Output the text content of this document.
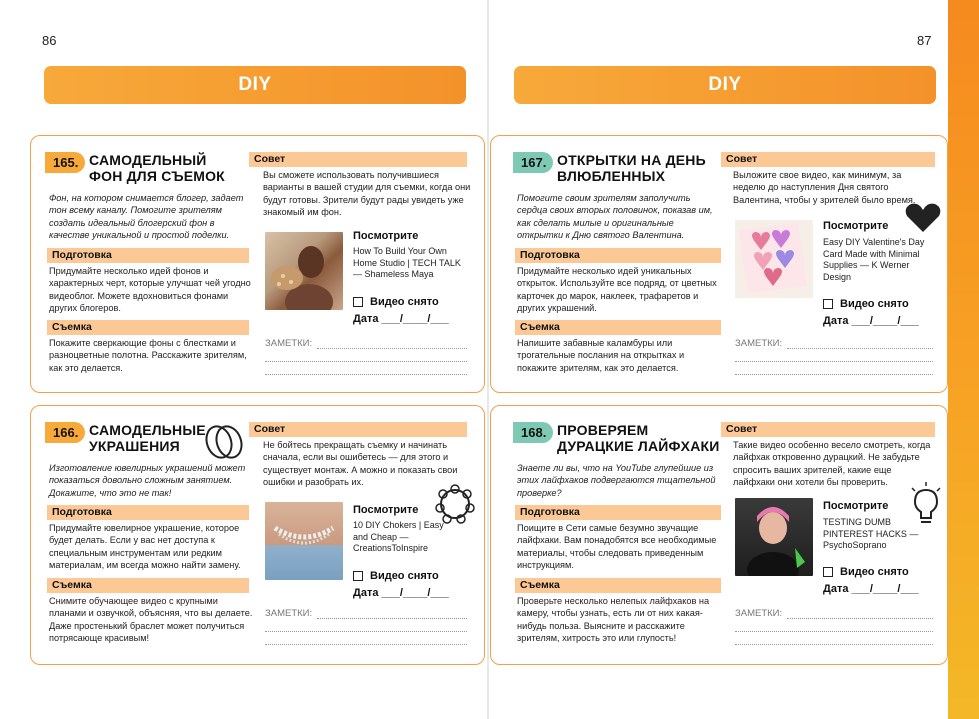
86
DIY
87
DIY
165. САМОДЕЛЬНЫЙ ФОН ДЛЯ СЪЕМОК
Фон, на котором снимается блогер, задает тон всему каналу. Помогите зрителям создать идеальный блогерский фон в качестве уникальной и простой поделки.
Подготовка
Придумайте несколько идей фонов и характерных черт, которые улучшат чей угодно видеоблог. Можете вдохновиться фонами других блогеров.
Съемка
Покажите сверкающие фоны с блестками и разноцветные полотна. Расскажите зрителям, как это делается.
Совет
Вы сможете использовать получившиеся варианты в вашей студии для съемки, когда они будут готовы. Зрители будут рады увидеть уже знакомый им фон.
Посмотрите
How To Build Your Own Home Studio | TECH TALK — Shameless Maya
Видео снято
Дата ___/____/___
ЗАМЕТКИ:
167. ОТКРЫТКИ НА ДЕНЬ ВЛЮБЛЕННЫХ
Помогите своим зрителям заполучить сердца своих вторых половинок, показав им, как сделать милые и оригинальные открытки к Дню святого Валентина.
Подготовка
Придумайте несколько идей уникальных открыток. Используйте все подряд, от цветных карточек до марок, наклеек, трафаретов и других украшений.
Съемка
Напишите забавные каламбуры или трогательные послания на открытках и покажите зрителям, как это делается.
Совет
Выложите свое видео, как минимум, за неделю до наступления Дня святого Валентина, чтобы у зрителей было время.
Посмотрите
Easy DIY Valentine's Day Card Made with Minimal Supplies — K Werner Design
Видео снято
Дата ___/____/___
ЗАМЕТКИ:
166. САМОДЕЛЬНЫЕ УКРАШЕНИЯ
Изготовление ювелирных украшений может показаться довольно сложным занятием. Докажите, что это не так!
Подготовка
Придумайте ювелирное украшение, которое будет делать. Если у вас нет доступа к специальным инструментам или редким материалам, им всегда можно найти замену.
Съемка
Снимите обучающее видео с крупными планами и озвучкой, объясняя, что вы делаете. Даже простенький браслет может получиться потрясающе красивым!
Совет
Не бойтесь прекращать съемку и начинать сначала, если вы ошибетесь — для этого и существует монтаж. А можно и показать свои ошибки и разобрать их.
Посмотрите
10 DIY Chokers | Easy and Cheap — CreationsToInspire
Видео снято
Дата ___/____/___
ЗАМЕТКИ:
168. ПРОВЕРЯЕМ ДУРАЦКИЕ ЛАЙФХАКИ
Знаете ли вы, что на YouTube глупейшие из этих лайфхаков подвергаются тщательной проверке?
Подготовка
Поищите в Сети самые безумно звучащие лайфхаки. Вам понадобятся все необходимые материалы, чтобы следовать приведенным инструкциям.
Съемка
Проверьте несколько нелепых лайфхаков на камеру, чтобы узнать, есть ли от них какая-нибудь польза. Выясните и расскажите зрителям, хитрость это или глупость!
Совет
Такие видео особенно весело смотреть, когда лайфхак откровенно дурацкий. Не забудьте спросить ваших зрителей, какие еще лайфхаки они хотели бы проверить.
Посмотрите
TESTING DUMB PINTEREST HACKS — PsychoSoprano
Видео снято
Дата ___/____/___
ЗАМЕТКИ:
